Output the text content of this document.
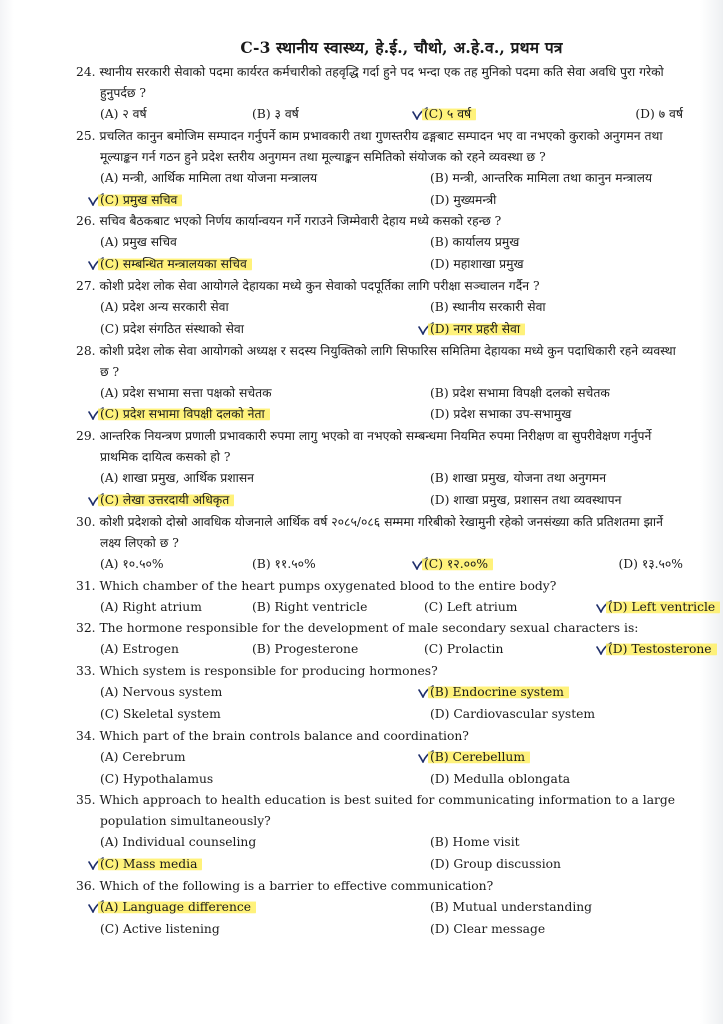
C-3 स्थानीय स्वास्थ्य, हे.ई., चौथो, अ.हे.व., प्रथम पत्र

24. स्थानीय सरकारी सेवाको पदमा कार्यरत कर्मचारीको तहवृद्धि गर्दा हुने पद भन्दा एक तह मुनिको पदमा कति सेवा अवधि पुरा गरेको हुनुपर्दछ ?

(A) २ वर्ष	(B) ३ वर्ष	(C) ५ वर्ष	(D) ७ वर्ष

25. प्रचलित कानुन बमोजिम सम्पादन गर्नुपर्ने काम प्रभावकारी तथा गुणस्तरीय ढङ्गबाट सम्पादन भए वा नभएको कुराको अनुगमन तथा मूल्याङ्कन गर्न गठन हुने प्रदेश स्तरीय अनुगमन तथा मूल्याङ्कन समितिको संयोजक को रहने व्यवस्था छ ?

(A) मन्त्री, आर्थिक मामिला तथा योजना मन्त्रालय	(B) मन्त्री, आन्तरिक मामिला तथा कानुन मन्त्रालय
(C) प्रमुख सचिव	(D) मुख्यमन्त्री

26. सचिव बैठकबाट भएको निर्णय कार्यान्वयन गर्ने गराउने जिम्मेवारी देहाय मध्ये कसको रहन्छ ?

(A) प्रमुख सचिव	(B) कार्यालय प्रमुख
(C) सम्बन्धित मन्त्रालयका सचिव	(D) महाशाखा प्रमुख

27. कोशी प्रदेश लोक सेवा आयोगले देहायका मध्ये कुन सेवाको पदपूर्तिका लागि परीक्षा सञ्चालन गर्दैन ?

(A) प्रदेश अन्य सरकारी सेवा	(B) स्थानीय सरकारी सेवा
(C) प्रदेश संगठित संस्थाको सेवा	(D) नगर प्रहरी सेवा

28. कोशी प्रदेश लोक सेवा आयोगको अध्यक्ष र सदस्य नियुक्तिको लागि सिफारिस समितिमा देहायका मध्ये कुन पदाधिकारी रहने व्यवस्था छ ?

(A) प्रदेश सभामा सत्ता पक्षको सचेतक	(B) प्रदेश सभामा विपक्षी दलको सचेतक
(C) प्रदेश सभामा विपक्षी दलको नेता	(D) प्रदेश सभाका उप-सभामुख

29. आन्तरिक नियन्त्रण प्रणाली प्रभावकारी रुपमा लागु भएको वा नभएको सम्बन्धमा नियमित रुपमा निरीक्षण वा सुपरीवेक्षण गर्नुपर्ने प्राथमिक दायित्व कसको हो ?

(A) शाखा प्रमुख, आर्थिक प्रशासन	(B) शाखा प्रमुख, योजना तथा अनुगमन
(C) लेखा उत्तरदायी अधिकृत	(D) शाखा प्रमुख, प्रशासन तथा व्यवस्थापन

30. कोशी प्रदेशको दोस्रो आवधिक योजनाले आर्थिक वर्ष २०८५/०८६ सम्ममा गरिबीको रेखामुनी रहेको जनसंख्या कति प्रतिशतमा झार्ने लक्ष्य लिएको छ ?

(A) १०.५०%	(B) ११.५०%	(C) १२.००%	(D) १३.५०%

31. Which chamber of the heart pumps oxygenated blood to the entire body?

(A) Right atrium	(B) Right ventricle	(C) Left atrium	(D) Left ventricle

32. The hormone responsible for the development of male secondary sexual characters is:

(A) Estrogen	(B) Progesterone	(C) Prolactin	(D) Testosterone

33. Which system is responsible for producing hormones?

(A) Nervous system	(B) Endocrine system
(C) Skeletal system	(D) Cardiovascular system

34. Which part of the brain controls balance and coordination?

(A) Cerebrum	(B) Cerebellum
(C) Hypothalamus	(D) Medulla oblongata

35. Which approach to health education is best suited for communicating information to a large population simultaneously?

(A) Individual counseling	(B) Home visit
(C) Mass media	(D) Group discussion

36. Which of the following is a barrier to effective communication?

(A) Language difference	(B) Mutual understanding
(C) Active listening	(D) Clear message
